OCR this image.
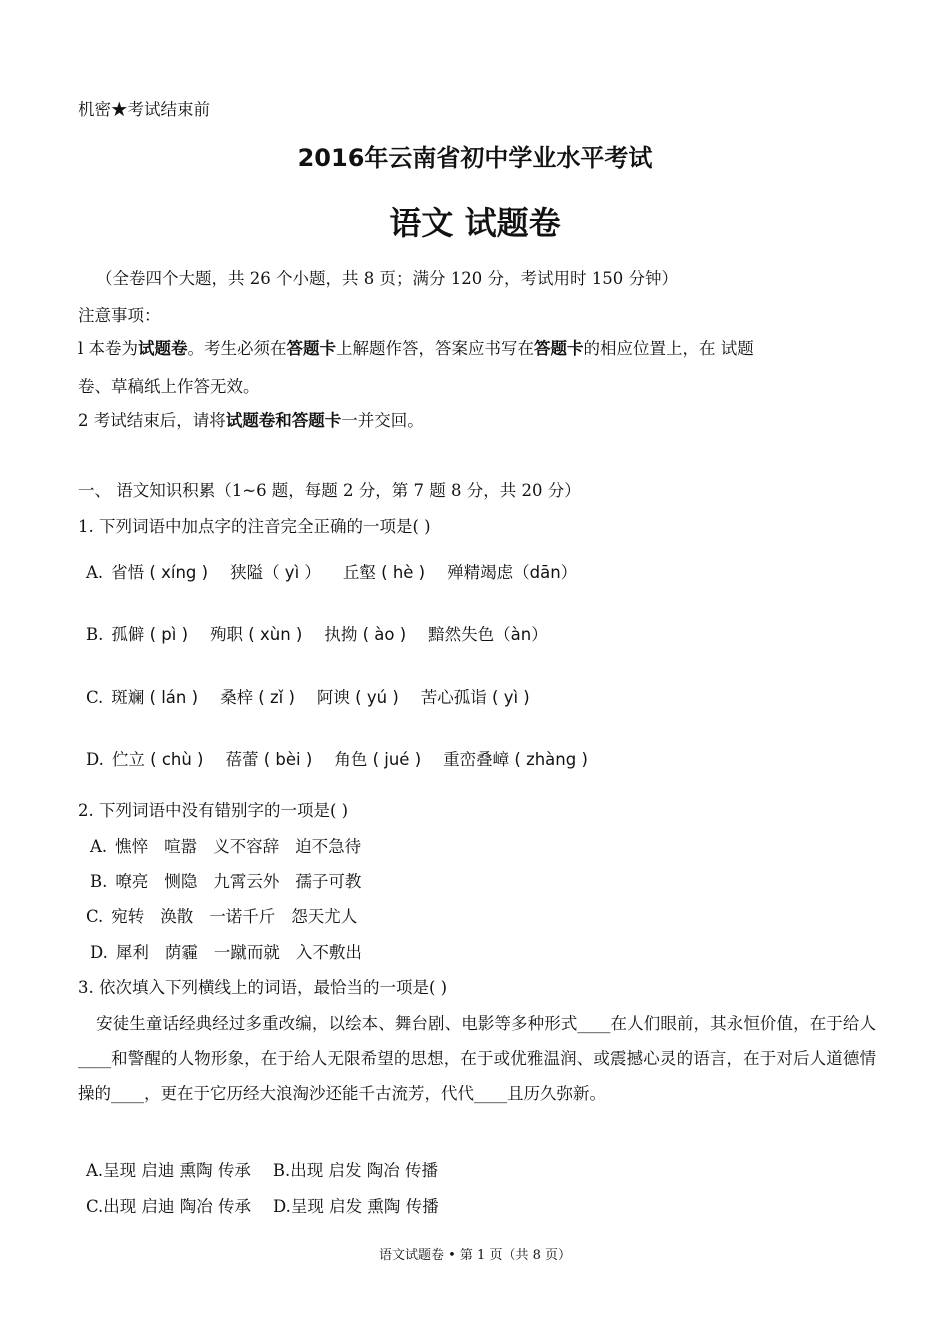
机密★考试结束前
2016年云南省初中学业水平考试
语文 试题卷
（全卷四个大题，共 26 个小题，共 8 页；满分 120 分，考试用时 150 分钟）
注意事项：
l 本卷为试题卷。考生必须在答题卡上解题作答，答案应书写在答题卡的相应位置上，在 试题
卷、草稿纸上作答无效。
2 考试结束后，请将试题卷和答题卡一并交回。
一、 语文知识积累（1~6 题，每题 2 分，第 7 题 8 分，共 20 分）
1. 下列词语中加点字的注音完全正确的一项是( )
A. 省悟 ( xíng ) 狭隘（ yì ） 丘壑 ( hè ) 殚精竭虑（dān）
B. 孤僻 ( pì ) 殉职 ( xùn ) 执拗 ( ào ) 黯然失色（àn）
C. 斑斓 ( lán ) 桑梓 ( zǐ ) 阿谀 ( yú ) 苦心孤诣 ( yì )
D. 伫立 ( chù ) 蓓蕾 ( bèi ) 角色 ( jué ) 重峦叠嶂 ( zhàng )
2. 下列词语中没有错别字的一项是( )
A. 憔悴 喧嚣 义不容辞 迫不急待
B. 嘹亮 恻隐 九霄云外 孺子可教
C. 宛转 涣散 一诺千斤 怨天尤人
D. 犀利 荫霾 一蹴而就 入不敷出
3. 依次填入下列横线上的词语，最恰当的一项是( )
安徒生童话经典经过多重改编，以绘本、舞台剧、电影等多种形式____在人们眼前，其永恒价值，在于给人____和警醒的人物形象，在于给人无限希望的思想，在于或优雅温润、或震撼心灵的语言，在于对后人道德情操的____，更在于它历经大浪淘沙还能千古流芳，代代____且历久弥新。
A.呈现 启迪 熏陶 传承 B.出现 启发 陶冶 传播
C.出现 启迪 陶冶 传承 D.呈现 启发 熏陶 传播
语文试题卷 • 第 1 页（共 8 页）
